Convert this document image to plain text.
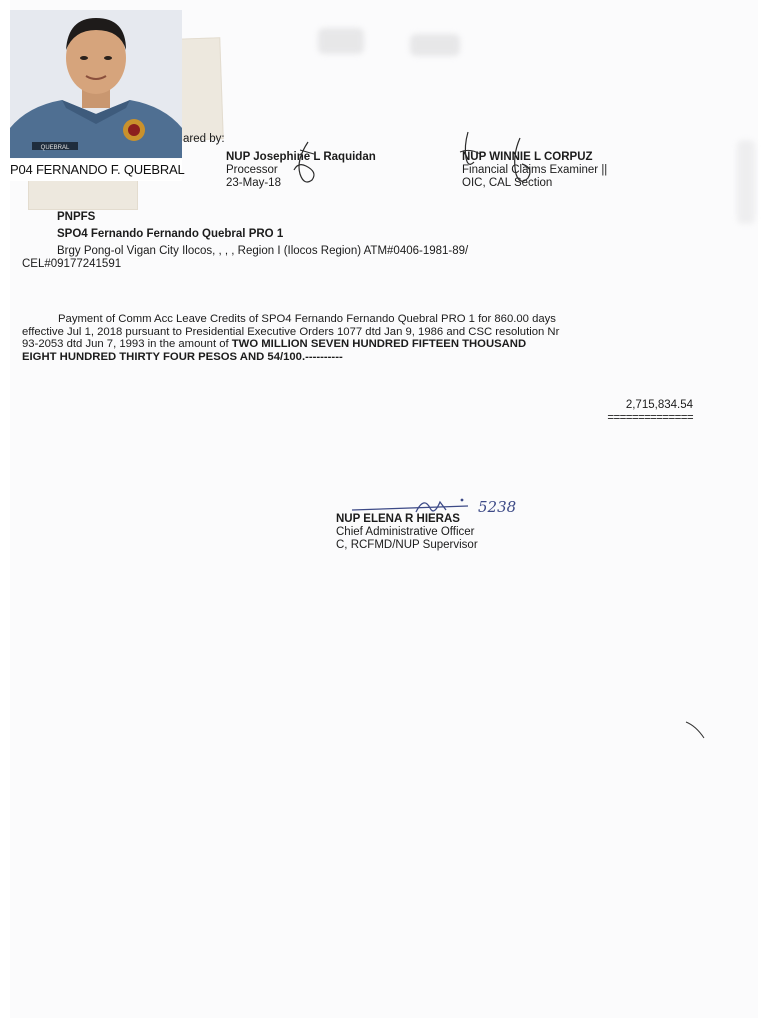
QUEBRAL
P04 FERNANDO F. QUEBRAL
ared by:
NUP Josephine L Raquidan
Processor
23-May-18
NUP WINNIE L CORPUZ
Financial Claims Examiner ||
OIC, CAL Section
PNPFS
SPO4 Fernando Fernando Quebral PRO 1
Brgy Pong-ol Vigan City Ilocos, , , , Region I (Ilocos Region) ATM#0406-1981-89/
CEL#09177241591
Payment of Comm Acc Leave Credits of SPO4 Fernando Fernando Quebral PRO 1 for 860.00 days effective Jul 1, 2018 pursuant to Presidential Executive Orders 1077 dtd Jan 9, 1986 and CSC resolution Nr 93-2053 dtd Jun 7, 1993 in the amount of TWO MILLION SEVEN HUNDRED FIFTEEN THOUSAND EIGHT HUNDRED THIRTY FOUR PESOS AND 54/100.----------
2,715,834.54
==============
5238
NUP ELENA R HIERAS
Chief Administrative Officer
C, RCFMD/NUP Supervisor
